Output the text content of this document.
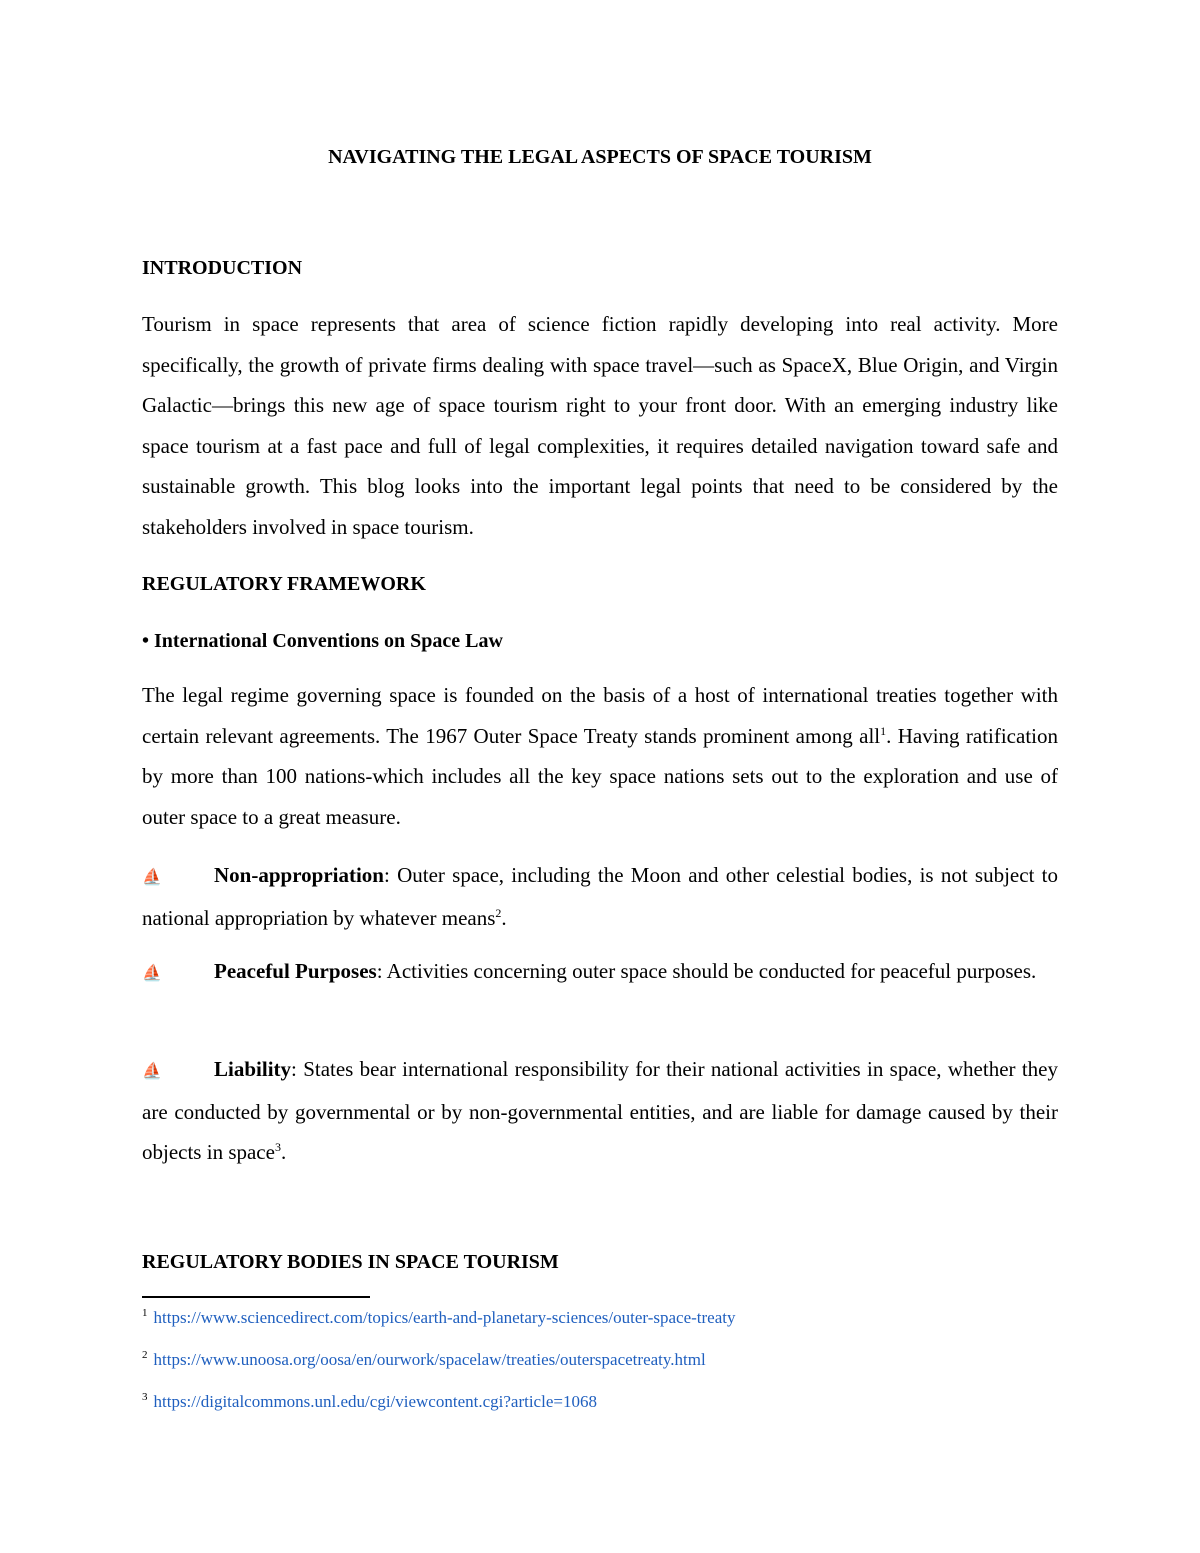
NAVIGATING THE LEGAL ASPECTS OF SPACE TOURISM
INTRODUCTION

Tourism in space represents that area of science fiction rapidly developing into real activity. More specifically, the growth of private firms dealing with space travel—such as SpaceX, Blue Origin, and Virgin Galactic—brings this new age of space tourism right to your front door. With an emerging industry like space tourism at a fast pace and full of legal complexities, it requires detailed navigation toward safe and sustainable growth. This blog looks into the important legal points that need to be considered by the stakeholders involved in space tourism.

REGULATORY FRAMEWORK
• International Conventions on Space Law

The legal regime governing space is founded on the basis of a host of international treaties together with certain relevant agreements. The 1967 Outer Space Treaty stands prominent among all$^1$. Having ratification by more than 100 nations-which includes all the key space nations sets out to the exploration and use of outer space to a great measure.

⛵ Non-appropriation: Outer space, including the Moon and other celestial bodies, is not subject to national appropriation by whatever means$^2$.

⛵ Peaceful Purposes: Activities concerning outer space should be conducted for peaceful purposes.

⛵ Liability: States bear international responsibility for their national activities in space, whether they are conducted by governmental or by non-governmental entities, and are liable for damage caused by their objects in space$^3$.

REGULATORY BODIES IN SPACE TOURISM

$^1$ https://www.sciencedirect.com/topics/earth-and-planetary-sciences/outer-space-treaty

$^2$ https://www.unoosa.org/oosa/en/ourwork/spacelaw/treaties/outerspacetreaty.html

$^3$ https://digitalcommons.unl.edu/cgi/viewcontent.cgi?article=1068
